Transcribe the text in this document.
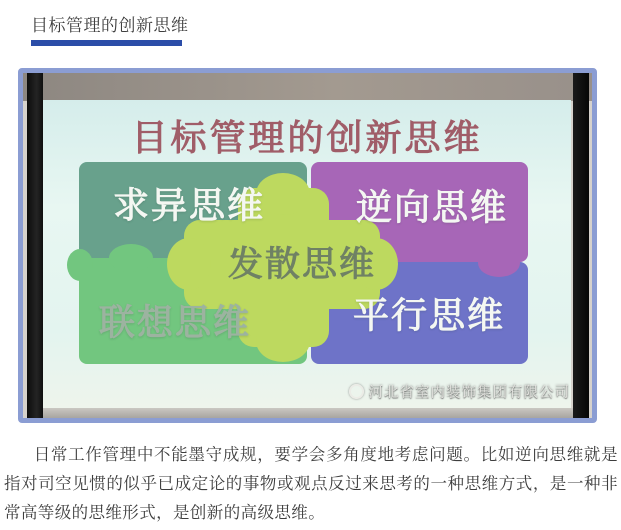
目标管理的创新思维
目标管理的创新思维
求异思维	逆向思维
联想思维	平行思维
发散思维
河北省室内装饰集团有限公司

日常工作管理中不能墨守成规，要学会多角度地考虑问题。比如逆向思维就是指对司空见惯的似乎已成定论的事物或观点反过来思考的一种思维方式，是一种非常高等级的思维形式，是创新的高级思维。
